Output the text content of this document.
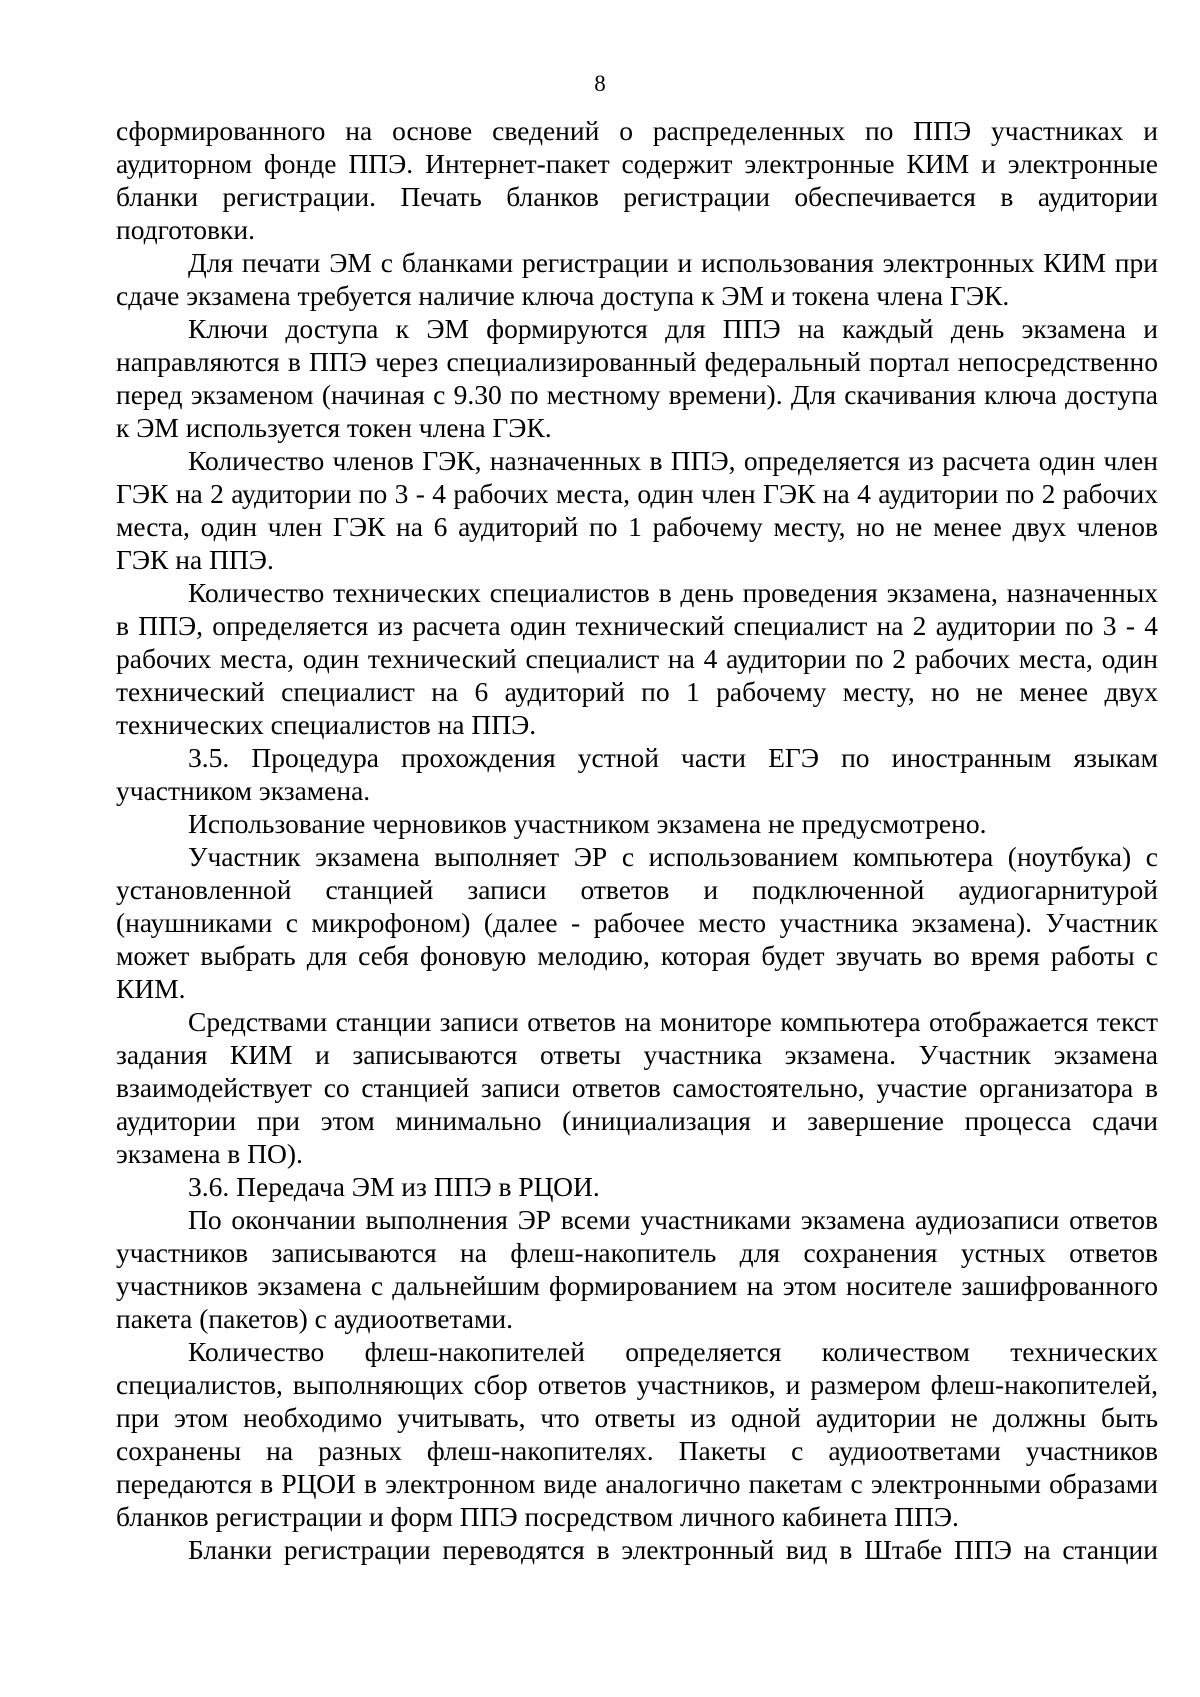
8

сформированного на основе сведений о распределенных по ППЭ участниках и аудиторном фонде ППЭ. Интернет-пакет содержит электронные КИМ и электронные бланки регистрации. Печать бланков регистрации обеспечивается в аудитории подготовки.

Для печати ЭМ с бланками регистрации и использования электронных КИМ при сдаче экзамена требуется наличие ключа доступа к ЭМ и токена члена ГЭК.

Ключи доступа к ЭМ формируются для ППЭ на каждый день экзамена и направляются в ППЭ через специализированный федеральный портал непосредственно перед экзаменом (начиная с 9.30 по местному времени). Для скачивания ключа доступа к ЭМ используется токен члена ГЭК.

Количество членов ГЭК, назначенных в ППЭ, определяется из расчета один член ГЭК на 2 аудитории по 3 - 4 рабочих места, один член ГЭК на 4 аудитории по 2 рабочих места, один член ГЭК на 6 аудиторий по 1 рабочему месту, но не менее двух членов ГЭК на ППЭ.

Количество технических специалистов в день проведения экзамена, назначенных в ППЭ, определяется из расчета один технический специалист на 2 аудитории по 3 - 4 рабочих места, один технический специалист на 4 аудитории по 2 рабочих места, один технический специалист на 6 аудиторий по 1 рабочему месту, но не менее двух технических специалистов на ППЭ.

3.5. Процедура прохождения устной части ЕГЭ по иностранным языкам участником экзамена.

Использование черновиков участником экзамена не предусмотрено.

Участник экзамена выполняет ЭР с использованием компьютера (ноутбука) с установленной станцией записи ответов и подключенной аудиогарнитурой (наушниками с микрофоном) (далее - рабочее место участника экзамена). Участник может выбрать для себя фоновую мелодию, которая будет звучать во время работы с КИМ.

Средствами станции записи ответов на мониторе компьютера отображается текст задания КИМ и записываются ответы участника экзамена. Участник экзамена взаимодействует со станцией записи ответов самостоятельно, участие организатора в аудитории при этом минимально (инициализация и завершение процесса сдачи экзамена в ПО).

3.6. Передача ЭМ из ППЭ в РЦОИ.

По окончании выполнения ЭР всеми участниками экзамена аудиозаписи ответов участников записываются на флеш-накопитель для сохранения устных ответов участников экзамена с дальнейшим формированием на этом носителе зашифрованного пакета (пакетов) с аудиоответами.

Количество флеш-накопителей определяется количеством технических специалистов, выполняющих сбор ответов участников, и размером флеш-накопителей, при этом необходимо учитывать, что ответы из одной аудитории не должны быть сохранены на разных флеш-накопителях. Пакеты с аудиоответами участников передаются в РЦОИ в электронном виде аналогично пакетам с электронными образами бланков регистрации и форм ППЭ посредством личного кабинета ППЭ.

Бланки регистрации переводятся в электронный вид в Штабе ППЭ на станции
